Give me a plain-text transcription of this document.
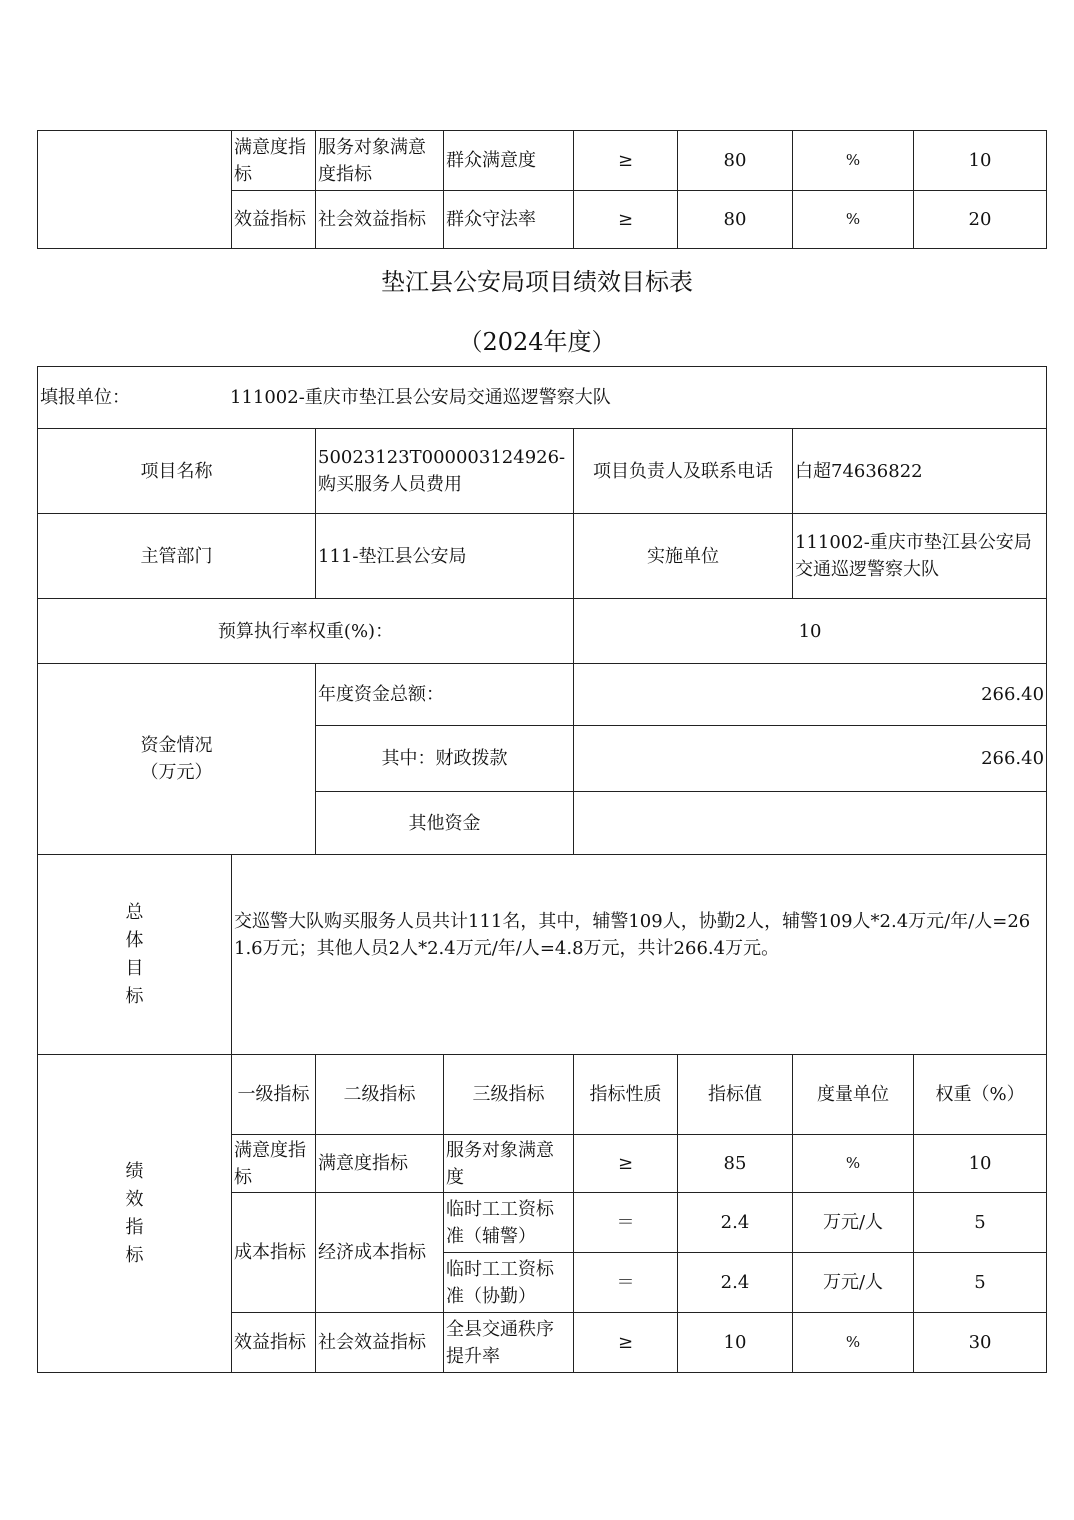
	满意度指标	服务对象满意度指标	群众满意度	≥	80	%	10
	效益指标	社会效益指标	群众守法率	≥	80	%	20
垫江县公安局项目绩效目标表
（2024年度）
填报单位： 111002-重庆市垫江县公安局交通巡逻警察大队							
项目名称		50023123T000003124926-购买服务人员费用		项目负责人及联系电话		白超74636822	
主管部门		111-垫江县公安局		实施单位		111002-重庆市垫江县公安局交通巡逻警察大队	
预算执行率权重(%)：				10			

资金情况
（万元）		年度资金总额：		266.40			
		其中：财政拨款		266.40			
		其他资金					

总
体
目
标	交巡警大队购买服务人员共计111名，其中，辅警109人，协勤2人，辅警109人*2.4万元/年/人=261.6万元；其他人员2人*2.4万元/年/人=4.8万元，共计266.4万元。						

绩
效
指
标	一级指标	二级指标	三级指标	指标性质	指标值	度量单位	权重（%）
	满意度指标	满意度指标	服务对象满意度	≥	85	%	10
	成本指标	经济成本指标	临时工工资标准（辅警）	＝	2.4	万元/人	5
			临时工工资标准（协勤）	＝	2.4	万元/人	5
	效益指标	社会效益指标	全县交通秩序提升率	≥	10	%	30
